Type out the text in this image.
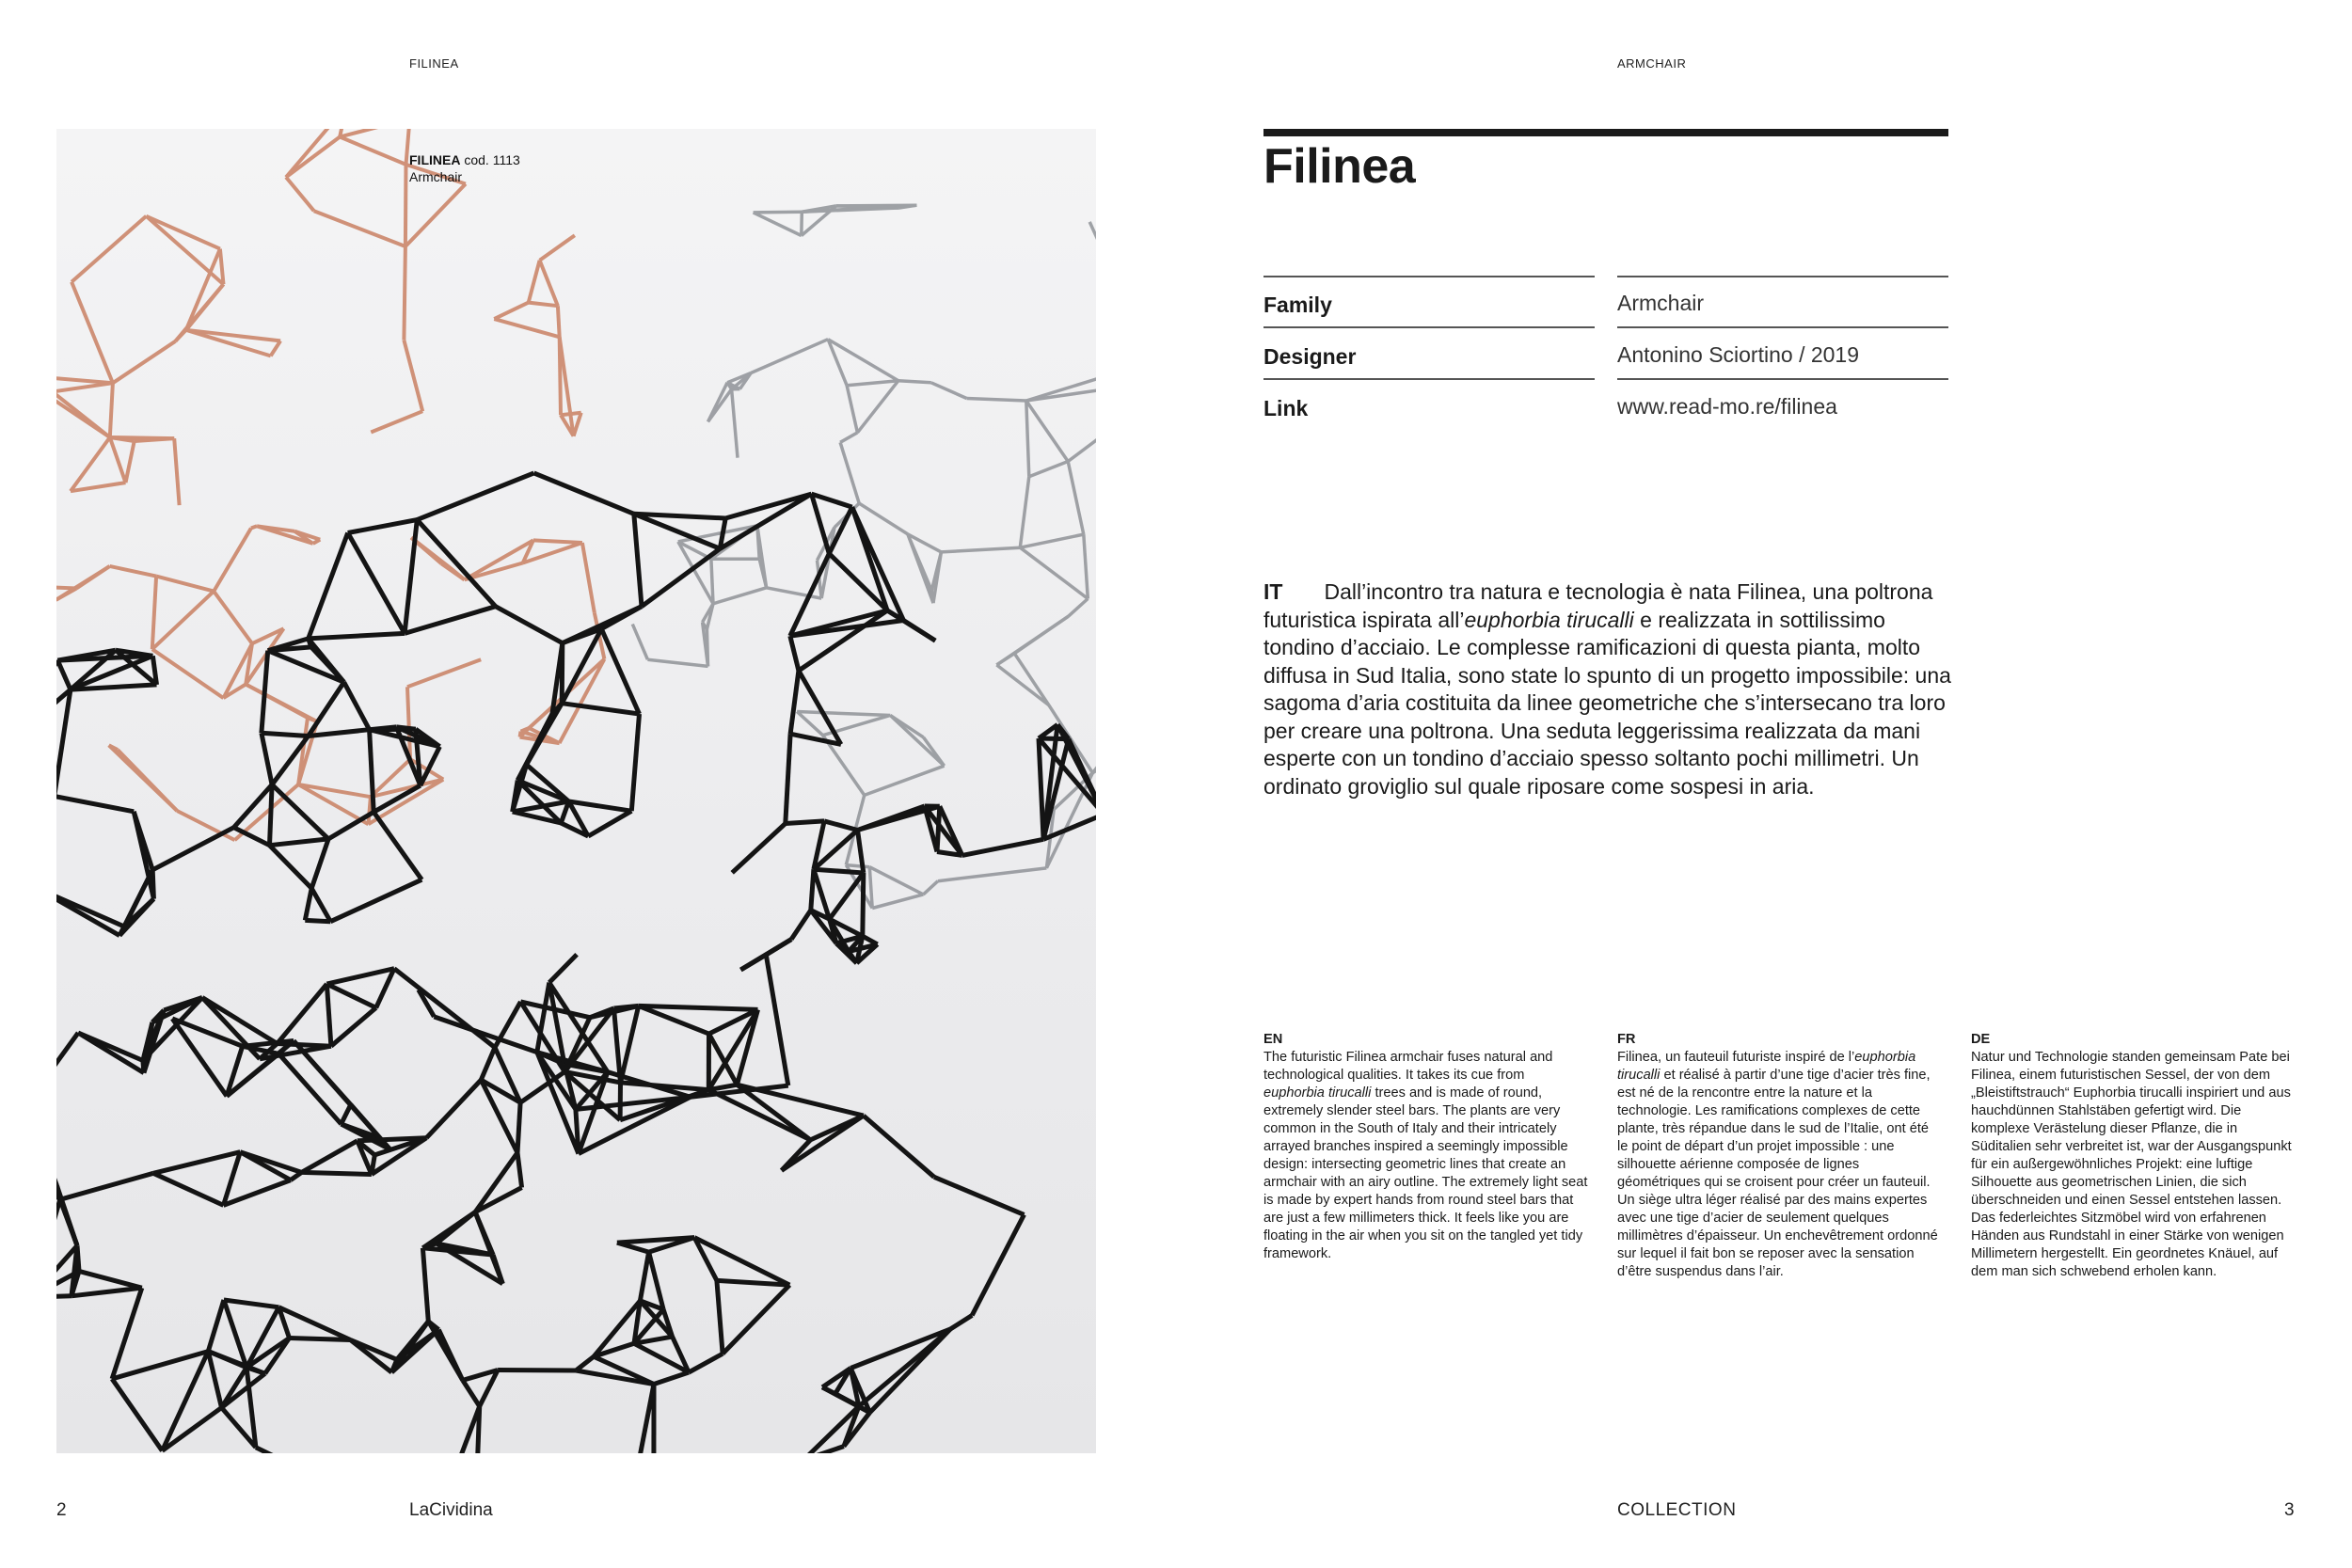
FILINEA	ARMCHAIR
FILINEA cod. 1113
Armchair	Filinea
Family	Armchair
Designer	Antonino Sciortino / 2019
Link	www.read-mo.re/filinea
IT Dall’incontro tra natura e tecnologia è nata Filinea, una poltrona futuristica ispirata all’euphorbia tirucalli e realizzata in sottilissimo tondino d’acciaio. Le complesse ramificazioni di questa pianta, molto diffusa in Sud Italia, sono state lo spunto di un progetto impossibile: una sagoma d’aria costituita da linee geometriche che s’intersecano tra loro per creare una poltrona. Una seduta leggerissima realizzata da mani esperte con un tondino d’acciaio spesso soltanto pochi millimetri. Un ordinato groviglio sul quale riposare come sospesi in aria.
EN
The futuristic Filinea armchair fuses natural and technological qualities. It takes its cue from euphorbia tirucalli trees and is made of round, extremely slender steel bars. The plants are very common in the South of Italy and their intricately arrayed branches inspired a seemingly impossible design: intersecting geometric lines that create an armchair with an airy outline. The extremely light seat is made by expert hands from round steel bars that are just a few millimeters thick. It feels like you are floating in the air when you sit on the tangled yet tidy framework.
FR
Filinea, un fauteuil futuriste inspiré de l’euphorbia tirucalli et réalisé à partir d’une tige d’acier très fine, est né de la rencontre entre la nature et la technologie. Les ramifications complexes de cette plante, très répandue dans le sud de l’Italie, ont été le point de départ d’un projet impossible : une silhouette aérienne composée de lignes géométriques qui se croisent pour créer un fauteuil. Un siège ultra léger réalisé par des mains expertes avec une tige d’acier de seulement quelques millimètres d’épaisseur. Un enchevêtrement ordonné sur lequel il fait bon se reposer avec la sensation d’être suspendus dans l’air.
DE
Natur und Technologie standen gemeinsam Pate bei Filinea, einem futuristischen Sessel, der von dem „Bleistiftstrauch“ Euphorbia tirucalli inspiriert und aus hauchdünnen Stahlstäben gefertigt wird. Die komplexe Verästelung dieser Pflanze, die in Süditalien sehr verbreitet ist, war der Ausgangspunkt für ein außergewöhnliches Projekt: eine luftige Silhouette aus geometrischen Linien, die sich überschneiden und einen Sessel entstehen lassen. Das federleichtes Sitzmöbel wird von erfahrenen Händen aus Rundstahl in einer Stärke von wenigen Millimetern hergestellt. Ein geordnetes Knäuel, auf dem man sich schwebend erholen kann.
2	LaCividina	COLLECTION	3
